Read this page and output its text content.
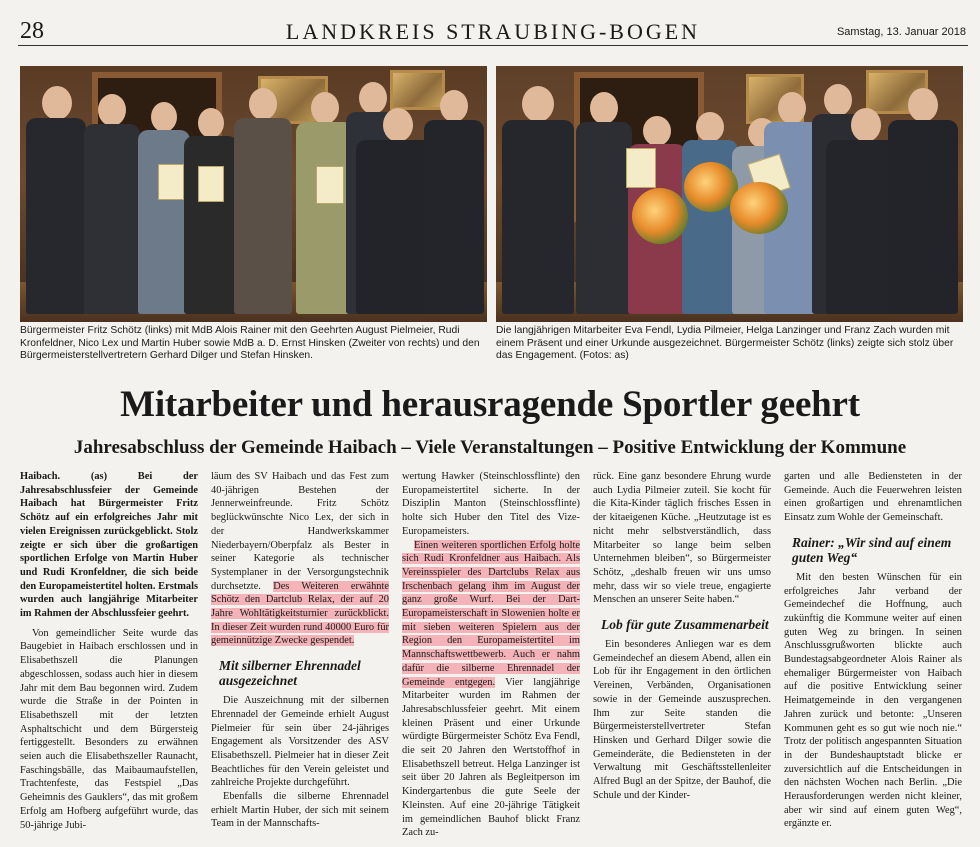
28	LANDKREIS STRAUBING-BOGEN	Samstag, 13. Januar 2018

Bürgermeister Fritz Schötz (links) mit MdB Alois Rainer mit den Geehrten August Pielmeier, Rudi Kronfeldner, Nico Lex und Martin Huber sowie MdB a. D. Ernst Hinsken (Zweiter von rechts) und den Bürgermeisterstellvertretern Gerhard Dilger und Stefan Hinsken.

Die langjährigen Mitarbeiter Eva Fendl, Lydia Pilmeier, Helga Lanzinger und Franz Zach wurden mit einem Präsent und einer Urkunde ausgezeichnet. Bürgermeister Schötz (links) zeigte sich stolz über das Engagement. (Fotos: as)

Mitarbeiter und herausragende Sportler geehrt
Jahresabschluss der Gemeinde Haibach – Viele Veranstaltungen – Positive Entwicklung der Kommune

Haibach. (as) Bei der Jahresabschlussfeier der Gemeinde Haibach hat Bürgermeister Fritz Schötz auf ein erfolgreiches Jahr mit vielen Ereignissen zurückgeblickt. Stolz zeigte er sich über die großartigen sportlichen Erfolge von Martin Huber und Rudi Kronfeldner, die sich beide den Europameistertitel holten. Erstmals wurden auch langjährige Mitarbeiter im Rahmen der Abschlussfeier geehrt.

Von gemeindlicher Seite wurde das Baugebiet in Haibach erschlossen und in Elisabethszell die Planungen abgeschlossen, sodass auch hier in diesem Jahr mit dem Bau begonnen wird. Zudem wurde die Straße in der Pointen in Elisabethszell mit der letzten Asphaltschicht und dem Bürgersteig fertiggestellt. Besonders zu erwähnen seien auch die Elisabethszeller Raunacht, Faschingsbälle, das Maibaumaufstellen, Trachtenfeste, das Festspiel „Das Geheimnis des Gauklers“, das mit großem Erfolg am Hofberg aufgeführt wurde, das 50-jährige Jubi-

läum des SV Haibach und das Fest zum 40-jährigen Bestehen der Jennerweinfreunde. Fritz Schötz beglückwünschte Nico Lex, der sich in der Handwerkskammer Niederbayern/Oberpfalz als Bester in seiner Kategorie als technischer Systemplaner in der Versorgungstechnik durchsetzte. Des Weiteren erwähnte Schötz den Dartclub Relax, der auf 20 Jahre Wohltätigkeitsturnier zurückblickt. In dieser Zeit wurden rund 40000 Euro für gemeinnützige Zwecke gespendet.

Mit silberner Ehrennadel ausgezeichnet

Die Auszeichnung mit der silbernen Ehrennadel der Gemeinde erhielt August Pielmeier für sein über 24-jähriges Engagement als Vorsitzender des ASV Elisabethszell. Pielmeier hat in dieser Zeit Beachtliches für den Verein geleistet und zahlreiche Projekte durchgeführt.

Ebenfalls die silberne Ehrennadel erhielt Martin Huber, der sich mit seinem Team in der Mannschafts-

wertung Hawker (Steinschlossflinte) den Europameistertitel sicherte. In der Disziplin Manton (Steinschlossflinte) holte sich Huber den Titel des Vize-Europameisters.

Einen weiteren sportlichen Erfolg holte sich Rudi Kronfeldner aus Haibach. Als Vereinsspieler des Dartclubs Relax aus Irschenbach gelang ihm im August der ganz große Wurf. Bei der Dart-Europameisterschaft in Slowenien holte er mit sieben weiteren Spielern aus der Region den Europameistertitel im Mannschaftswettbewerb. Auch er nahm dafür die silberne Ehrennadel der Gemeinde entgegen. Vier langjährige Mitarbeiter wurden im Rahmen der Jahresabschlussfeier geehrt. Mit einem kleinen Präsent und einer Urkunde würdigte Bürgermeister Schötz Eva Fendl, die seit 20 Jahren den Wertstoffhof in Elisabethszell betreut. Helga Lanzinger ist seit über 20 Jahren als Begleitperson im Kindergartenbus die gute Seele der Kleinsten. Auf eine 20-jährige Tätigkeit im gemeindlichen Bauhof blickt Franz Zach zu-

rück. Eine ganz besondere Ehrung wurde auch Lydia Pilmeier zuteil. Sie kocht für die Kita-Kinder täglich frisches Essen in der kitaeigenen Küche. „Heutzutage ist es nicht mehr selbstverständlich, dass Mitarbeiter so lange beim selben Unternehmen bleiben“, so Bürgermeister Schötz, „deshalb freuen wir uns umso mehr, dass wir so viele treue, engagierte Menschen an unserer Seite haben.“

Lob für gute Zusammenarbeit

Ein besonderes Anliegen war es dem Gemeindechef an diesem Abend, allen ein Lob für ihr Engagement in den örtlichen Vereinen, Verbänden, Organisationen sowie in der Gemeinde auszusprechen. Ihm zur Seite standen die Bürgermeisterstellvertreter Stefan Hinsken und Gerhard Dilger sowie die Gemeinderäte, die Bediensteten in der Verwaltung mit Geschäftsstellenleiter Alfred Bugl an der Spitze, der Bauhof, die Schule und der Kinder-

garten und alle Bediensteten in der Gemeinde. Auch die Feuerwehren leisten einen großartigen und ehrenamtlichen Einsatz zum Wohle der Gemeinschaft.

Rainer: „Wir sind auf einem guten Weg“

Mit den besten Wünschen für ein erfolgreiches Jahr verband der Gemeindechef die Hoffnung, auch zukünftig die Kommune weiter auf einen guten Weg zu bringen. In seinen Anschlussgrußworten blickte auch Bundestagsabgeordneter Alois Rainer als ehemaliger Bürgermeister von Haibach auf die positive Entwicklung seiner Heimatgemeinde in den vergangenen Jahren zurück und betonte: „Unseren Kommunen geht es so gut wie noch nie.“ Trotz der politisch angespannten Situation in der Bundeshauptstadt blicke er zuversichtlich auf die Entscheidungen in den nächsten Wochen nach Berlin. „Die Herausforderungen werden nicht kleiner, aber wir sind auf einem guten Weg“, ergänzte er.
